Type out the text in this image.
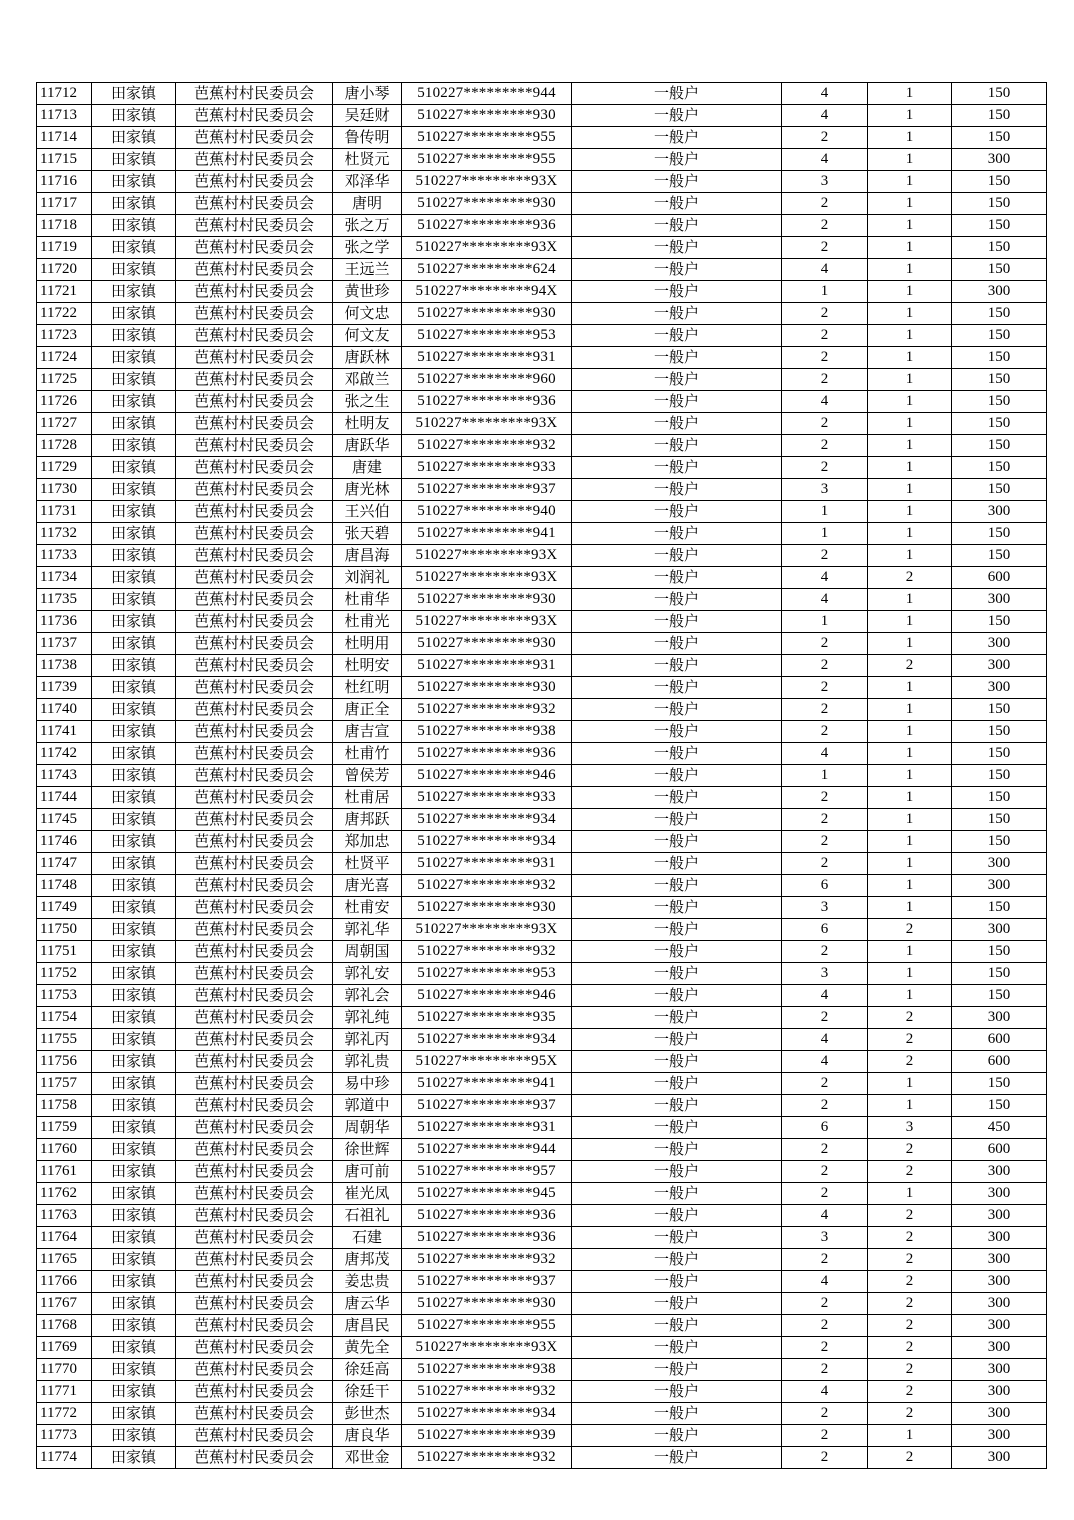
11712	田家镇	芭蕉村村民委员会	唐小琴	510227*********944	一般户	4	1	150
11713	田家镇	芭蕉村村民委员会	吴廷财	510227*********930	一般户	4	1	150
11714	田家镇	芭蕉村村民委员会	鲁传明	510227*********955	一般户	2	1	150
11715	田家镇	芭蕉村村民委员会	杜贤元	510227*********955	一般户	4	1	300
11716	田家镇	芭蕉村村民委员会	邓泽华	510227*********93X	一般户	3	1	150
11717	田家镇	芭蕉村村民委员会	唐明	510227*********930	一般户	2	1	150
11718	田家镇	芭蕉村村民委员会	张之万	510227*********936	一般户	2	1	150
11719	田家镇	芭蕉村村民委员会	张之学	510227*********93X	一般户	2	1	150
11720	田家镇	芭蕉村村民委员会	王远兰	510227*********624	一般户	4	1	150
11721	田家镇	芭蕉村村民委员会	黄世珍	510227*********94X	一般户	1	1	300
11722	田家镇	芭蕉村村民委员会	何文忠	510227*********930	一般户	2	1	150
11723	田家镇	芭蕉村村民委员会	何文友	510227*********953	一般户	2	1	150
11724	田家镇	芭蕉村村民委员会	唐跃林	510227*********931	一般户	2	1	150
11725	田家镇	芭蕉村村民委员会	邓啟兰	510227*********960	一般户	2	1	150
11726	田家镇	芭蕉村村民委员会	张之生	510227*********936	一般户	4	1	150
11727	田家镇	芭蕉村村民委员会	杜明友	510227*********93X	一般户	2	1	150
11728	田家镇	芭蕉村村民委员会	唐跃华	510227*********932	一般户	2	1	150
11729	田家镇	芭蕉村村民委员会	唐建	510227*********933	一般户	2	1	150
11730	田家镇	芭蕉村村民委员会	唐光林	510227*********937	一般户	3	1	150
11731	田家镇	芭蕉村村民委员会	王兴伯	510227*********940	一般户	1	1	300
11732	田家镇	芭蕉村村民委员会	张天碧	510227*********941	一般户	1	1	150
11733	田家镇	芭蕉村村民委员会	唐昌海	510227*********93X	一般户	2	1	150
11734	田家镇	芭蕉村村民委员会	刘润礼	510227*********93X	一般户	4	2	600
11735	田家镇	芭蕉村村民委员会	杜甫华	510227*********930	一般户	4	1	300
11736	田家镇	芭蕉村村民委员会	杜甫光	510227*********93X	一般户	1	1	150
11737	田家镇	芭蕉村村民委员会	杜明用	510227*********930	一般户	2	1	300
11738	田家镇	芭蕉村村民委员会	杜明安	510227*********931	一般户	2	2	300
11739	田家镇	芭蕉村村民委员会	杜红明	510227*********930	一般户	2	1	300
11740	田家镇	芭蕉村村民委员会	唐正全	510227*********932	一般户	2	1	150
11741	田家镇	芭蕉村村民委员会	唐吉宣	510227*********938	一般户	2	1	150
11742	田家镇	芭蕉村村民委员会	杜甫竹	510227*********936	一般户	4	1	150
11743	田家镇	芭蕉村村民委员会	曾侯芳	510227*********946	一般户	1	1	150
11744	田家镇	芭蕉村村民委员会	杜甫居	510227*********933	一般户	2	1	150
11745	田家镇	芭蕉村村民委员会	唐邦跃	510227*********934	一般户	2	1	150
11746	田家镇	芭蕉村村民委员会	郑加忠	510227*********934	一般户	2	1	150
11747	田家镇	芭蕉村村民委员会	杜贤平	510227*********931	一般户	2	1	300
11748	田家镇	芭蕉村村民委员会	唐光喜	510227*********932	一般户	6	1	300
11749	田家镇	芭蕉村村民委员会	杜甫安	510227*********930	一般户	3	1	150
11750	田家镇	芭蕉村村民委员会	郭礼华	510227*********93X	一般户	6	2	300
11751	田家镇	芭蕉村村民委员会	周朝国	510227*********932	一般户	2	1	150
11752	田家镇	芭蕉村村民委员会	郭礼安	510227*********953	一般户	3	1	150
11753	田家镇	芭蕉村村民委员会	郭礼会	510227*********946	一般户	4	1	150
11754	田家镇	芭蕉村村民委员会	郭礼纯	510227*********935	一般户	2	2	300
11755	田家镇	芭蕉村村民委员会	郭礼丙	510227*********934	一般户	4	2	600
11756	田家镇	芭蕉村村民委员会	郭礼贵	510227*********95X	一般户	4	2	600
11757	田家镇	芭蕉村村民委员会	易中珍	510227*********941	一般户	2	1	150
11758	田家镇	芭蕉村村民委员会	郭道中	510227*********937	一般户	2	1	150
11759	田家镇	芭蕉村村民委员会	周朝华	510227*********931	一般户	6	3	450
11760	田家镇	芭蕉村村民委员会	徐世辉	510227*********944	一般户	2	2	600
11761	田家镇	芭蕉村村民委员会	唐可前	510227*********957	一般户	2	2	300
11762	田家镇	芭蕉村村民委员会	崔光凤	510227*********945	一般户	2	1	300
11763	田家镇	芭蕉村村民委员会	石祖礼	510227*********936	一般户	4	2	300
11764	田家镇	芭蕉村村民委员会	石建	510227*********936	一般户	3	2	300
11765	田家镇	芭蕉村村民委员会	唐邦茂	510227*********932	一般户	2	2	300
11766	田家镇	芭蕉村村民委员会	姜忠贵	510227*********937	一般户	4	2	300
11767	田家镇	芭蕉村村民委员会	唐云华	510227*********930	一般户	2	2	300
11768	田家镇	芭蕉村村民委员会	唐昌民	510227*********955	一般户	2	2	300
11769	田家镇	芭蕉村村民委员会	黄先全	510227*********93X	一般户	2	2	300
11770	田家镇	芭蕉村村民委员会	徐廷高	510227*********938	一般户	2	2	300
11771	田家镇	芭蕉村村民委员会	徐廷干	510227*********932	一般户	4	2	300
11772	田家镇	芭蕉村村民委员会	彭世杰	510227*********934	一般户	2	2	300
11773	田家镇	芭蕉村村民委员会	唐良华	510227*********939	一般户	2	1	300
11774	田家镇	芭蕉村村民委员会	邓世金	510227*********932	一般户	2	2	300
